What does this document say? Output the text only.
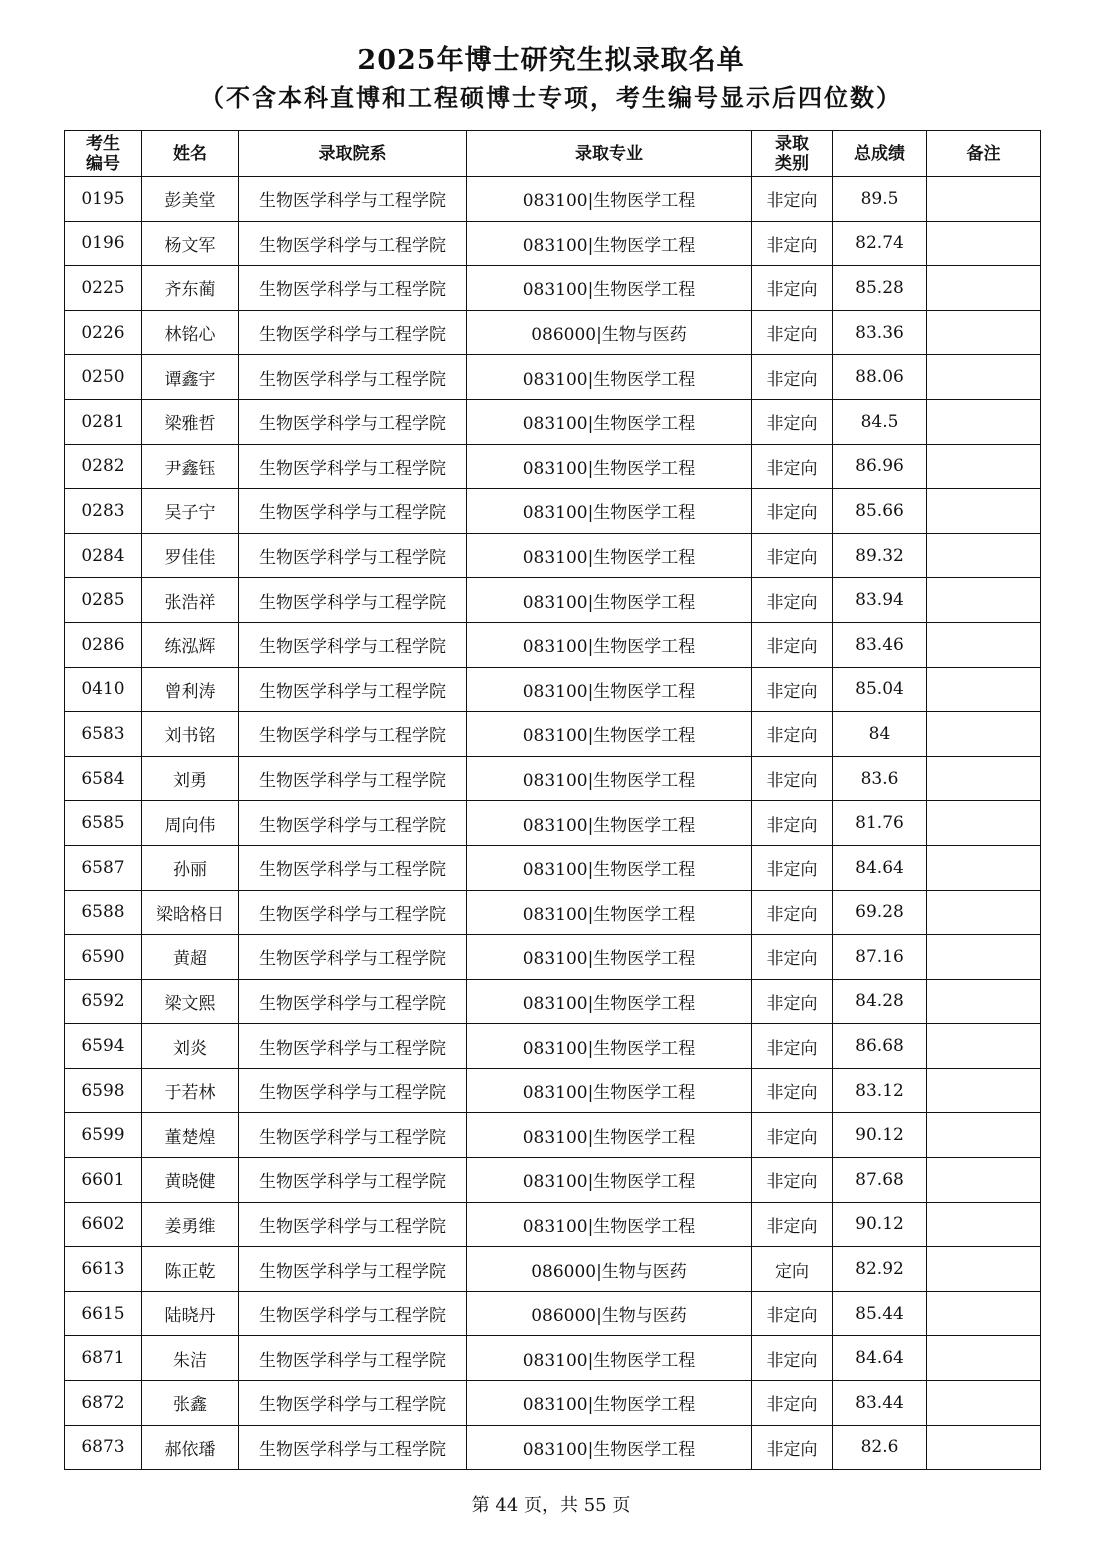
2025年博士研究生拟录取名单
（不含本科直博和工程硕博士专项，考生编号显示后四位数）
考生编号	姓名	录取院系	录取专业	录取类别	总成绩	备注
0195	彭美堂	生物医学科学与工程学院	083100|生物医学工程	非定向	89.5	
0196	杨文军	生物医学科学与工程学院	083100|生物医学工程	非定向	82.74	
0225	齐东蔺	生物医学科学与工程学院	083100|生物医学工程	非定向	85.28	
0226	林铭心	生物医学科学与工程学院	086000|生物与医药	非定向	83.36	
0250	谭鑫宇	生物医学科学与工程学院	083100|生物医学工程	非定向	88.06	
0281	梁雅哲	生物医学科学与工程学院	083100|生物医学工程	非定向	84.5	
0282	尹鑫钰	生物医学科学与工程学院	083100|生物医学工程	非定向	86.96	
0283	吴子宁	生物医学科学与工程学院	083100|生物医学工程	非定向	85.66	
0284	罗佳佳	生物医学科学与工程学院	083100|生物医学工程	非定向	89.32	
0285	张浩祥	生物医学科学与工程学院	083100|生物医学工程	非定向	83.94	
0286	练泓辉	生物医学科学与工程学院	083100|生物医学工程	非定向	83.46	
0410	曾利涛	生物医学科学与工程学院	083100|生物医学工程	非定向	85.04	
6583	刘书铭	生物医学科学与工程学院	083100|生物医学工程	非定向	84	
6584	刘勇	生物医学科学与工程学院	083100|生物医学工程	非定向	83.6	
6585	周向伟	生物医学科学与工程学院	083100|生物医学工程	非定向	81.76	
6587	孙丽	生物医学科学与工程学院	083100|生物医学工程	非定向	84.64	
6588	梁晗格日	生物医学科学与工程学院	083100|生物医学工程	非定向	69.28	
6590	黄超	生物医学科学与工程学院	083100|生物医学工程	非定向	87.16	
6592	梁文熙	生物医学科学与工程学院	083100|生物医学工程	非定向	84.28	
6594	刘炎	生物医学科学与工程学院	083100|生物医学工程	非定向	86.68	
6598	于若林	生物医学科学与工程学院	083100|生物医学工程	非定向	83.12	
6599	董楚煌	生物医学科学与工程学院	083100|生物医学工程	非定向	90.12	
6601	黄晓健	生物医学科学与工程学院	083100|生物医学工程	非定向	87.68	
6602	姜勇维	生物医学科学与工程学院	083100|生物医学工程	非定向	90.12	
6613	陈正乾	生物医学科学与工程学院	086000|生物与医药	定向	82.92	
6615	陆晓丹	生物医学科学与工程学院	086000|生物与医药	非定向	85.44	
6871	朱洁	生物医学科学与工程学院	083100|生物医学工程	非定向	84.64	
6872	张鑫	生物医学科学与工程学院	083100|生物医学工程	非定向	83.44	
6873	郝依璠	生物医学科学与工程学院	083100|生物医学工程	非定向	82.6	
第 44 页，共 55 页
